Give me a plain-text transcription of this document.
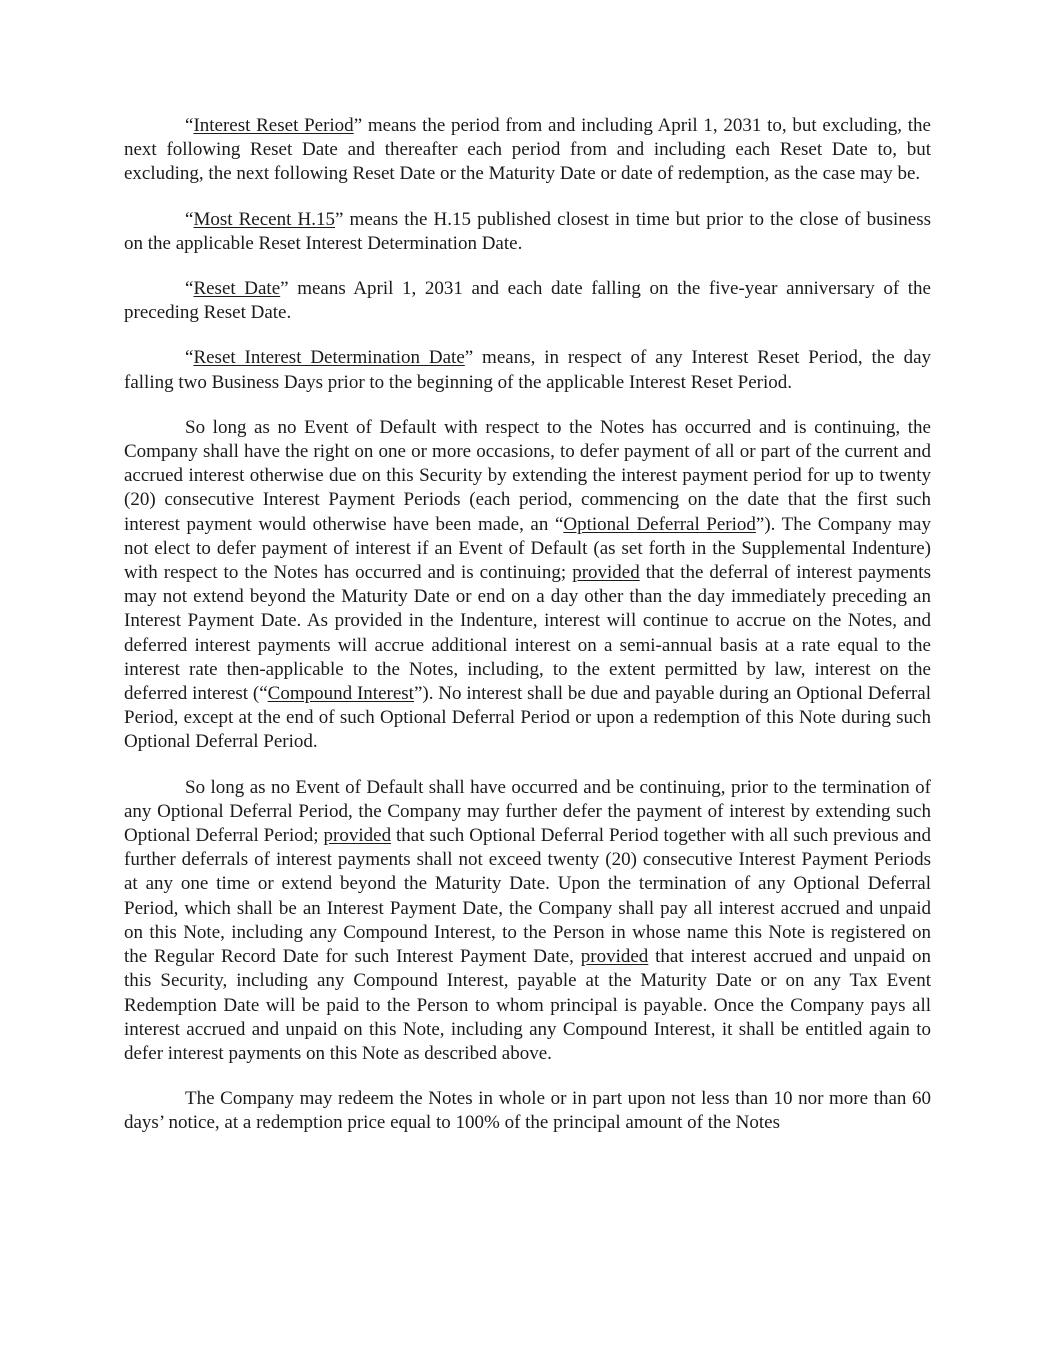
“Interest Reset Period” means the period from and including April 1, 2031 to, but excluding, the next following Reset Date and thereafter each period from and including each Reset Date to, but excluding, the next following Reset Date or the Maturity Date or date of redemption, as the case may be.

“Most Recent H.15” means the H.15 published closest in time but prior to the close of business on the applicable Reset Interest Determination Date.

“Reset Date” means April 1, 2031 and each date falling on the five-year anniversary of the preceding Reset Date.

“Reset Interest Determination Date” means, in respect of any Interest Reset Period, the day falling two Business Days prior to the beginning of the applicable Interest Reset Period.

So long as no Event of Default with respect to the Notes has occurred and is continuing, the Company shall have the right on one or more occasions, to defer payment of all or part of the current and accrued interest otherwise due on this Security by extending the interest payment period for up to twenty (20) consecutive Interest Payment Periods (each period, commencing on the date that the first such interest payment would otherwise have been made, an “Optional Deferral Period”). The Company may not elect to defer payment of interest if an Event of Default (as set forth in the Supplemental Indenture) with respect to the Notes has occurred and is continuing; provided that the deferral of interest payments may not extend beyond the Maturity Date or end on a day other than the day immediately preceding an Interest Payment Date. As provided in the Indenture, interest will continue to accrue on the Notes, and deferred interest payments will accrue additional interest on a semi-annual basis at a rate equal to the interest rate then-applicable to the Notes, including, to the extent permitted by law, interest on the deferred interest (“Compound Interest”). No interest shall be due and payable during an Optional Deferral Period, except at the end of such Optional Deferral Period or upon a redemption of this Note during such Optional Deferral Period.

So long as no Event of Default shall have occurred and be continuing, prior to the termination of any Optional Deferral Period, the Company may further defer the payment of interest by extending such Optional Deferral Period; provided that such Optional Deferral Period together with all such previous and further deferrals of interest payments shall not exceed twenty (20) consecutive Interest Payment Periods at any one time or extend beyond the Maturity Date. Upon the termination of any Optional Deferral Period, which shall be an Interest Payment Date, the Company shall pay all interest accrued and unpaid on this Note, including any Compound Interest, to the Person in whose name this Note is registered on the Regular Record Date for such Interest Payment Date, provided that interest accrued and unpaid on this Security, including any Compound Interest, payable at the Maturity Date or on any Tax Event Redemption Date will be paid to the Person to whom principal is payable. Once the Company pays all interest accrued and unpaid on this Note, including any Compound Interest, it shall be entitled again to defer interest payments on this Note as described above.

The Company may redeem the Notes in whole or in part upon not less than 10 nor more than 60 days’ notice, at a redemption price equal to 100% of the principal amount of the Notes
